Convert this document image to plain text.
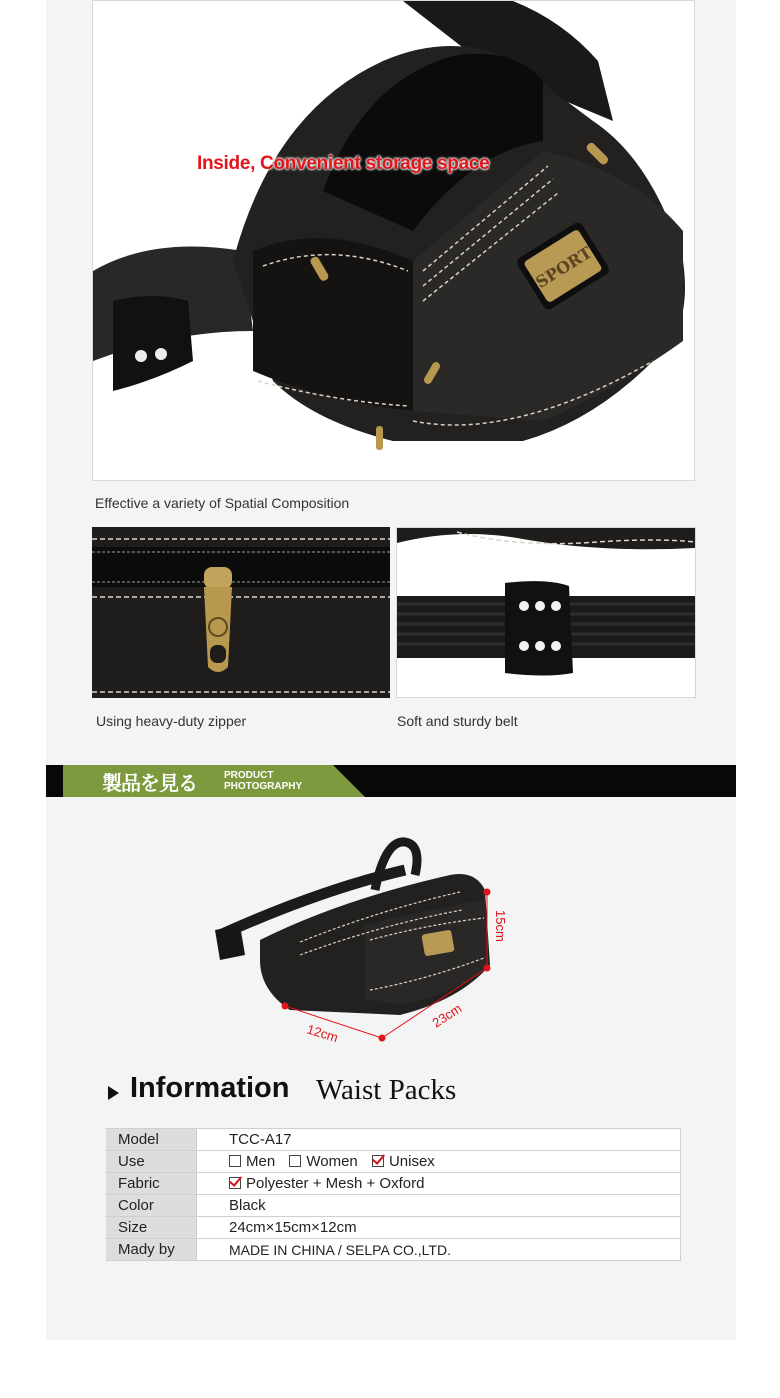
SPORT
Inside, Convenient storage space
Effective a variety of Spatial Composition
Using heavy-duty zipper	Soft and sturdy belt
製品を見る	PRODUCT
PHOTOGRAPHY
15cm
23cm
12cm
Information Waist Packs
Model	TCC-A17
Use	Men Women Unisex
Fabric	Polyester + Mesh + Oxford
Color	Black
Size	24cm×15cm×12cm
Mady by	MADE IN CHINA / SELPA CO.,LTD.
